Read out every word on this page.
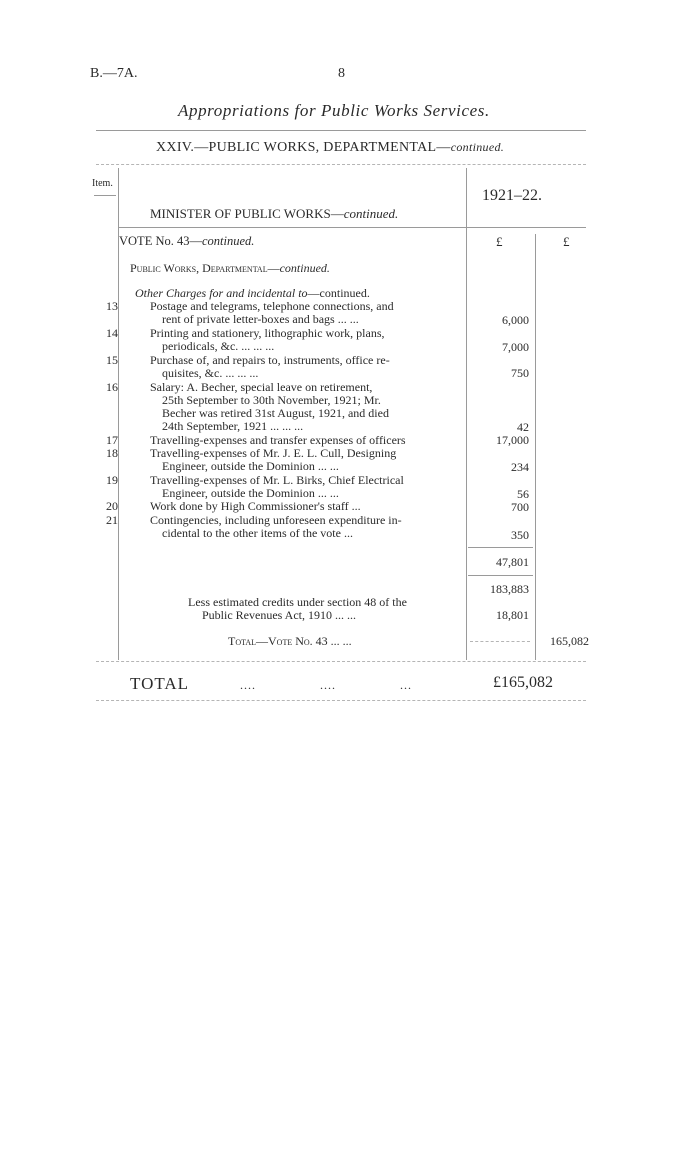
B.—7A.	8
Appropriations for Public Works Services.
XXIV.—PUBLIC WORKS, DEPARTMENTAL—continued.
Item.
1921–22.
MINISTER OF PUBLIC WORKS—continued.
VOTE No. 43—continued.	£	£
Public Works, Departmental—continued.
Other Charges for and incidental to—continued.
13	Postage and telegrams, telephone connections, and
rent of private letter-boxes and bags ... ...	6,000
14	Printing and stationery, lithographic work, plans,
periodicals, &c. ... ... ...	7,000
15	Purchase of, and repairs to, instruments, office re-
quisites, &c. ... ... ...	750
16	Salary: A. Becher, special leave on retirement,
25th September to 30th November, 1921; Mr.
Becher was retired 31st August, 1921, and died
24th September, 1921 ... ... ...	42
17	Travelling-expenses and transfer expenses of officers	17,000
18	Travelling-expenses of Mr. J. E. L. Cull, Designing
Engineer, outside the Dominion ... ...	234
19	Travelling-expenses of Mr. L. Birks, Chief Electrical
Engineer, outside the Dominion ... ...	56
20	Work done by High Commissioner's staff ...	700
21	Contingencies, including unforeseen expenditure in-
cidental to the other items of the vote ...	350
47,801
183,883
Less estimated credits under section 48 of the
Public Revenues Act, 1910 ... ...	18,801
Total—Vote No. 43 ... ...	165,082
TOTAL	....                ....                ...	£165,082
